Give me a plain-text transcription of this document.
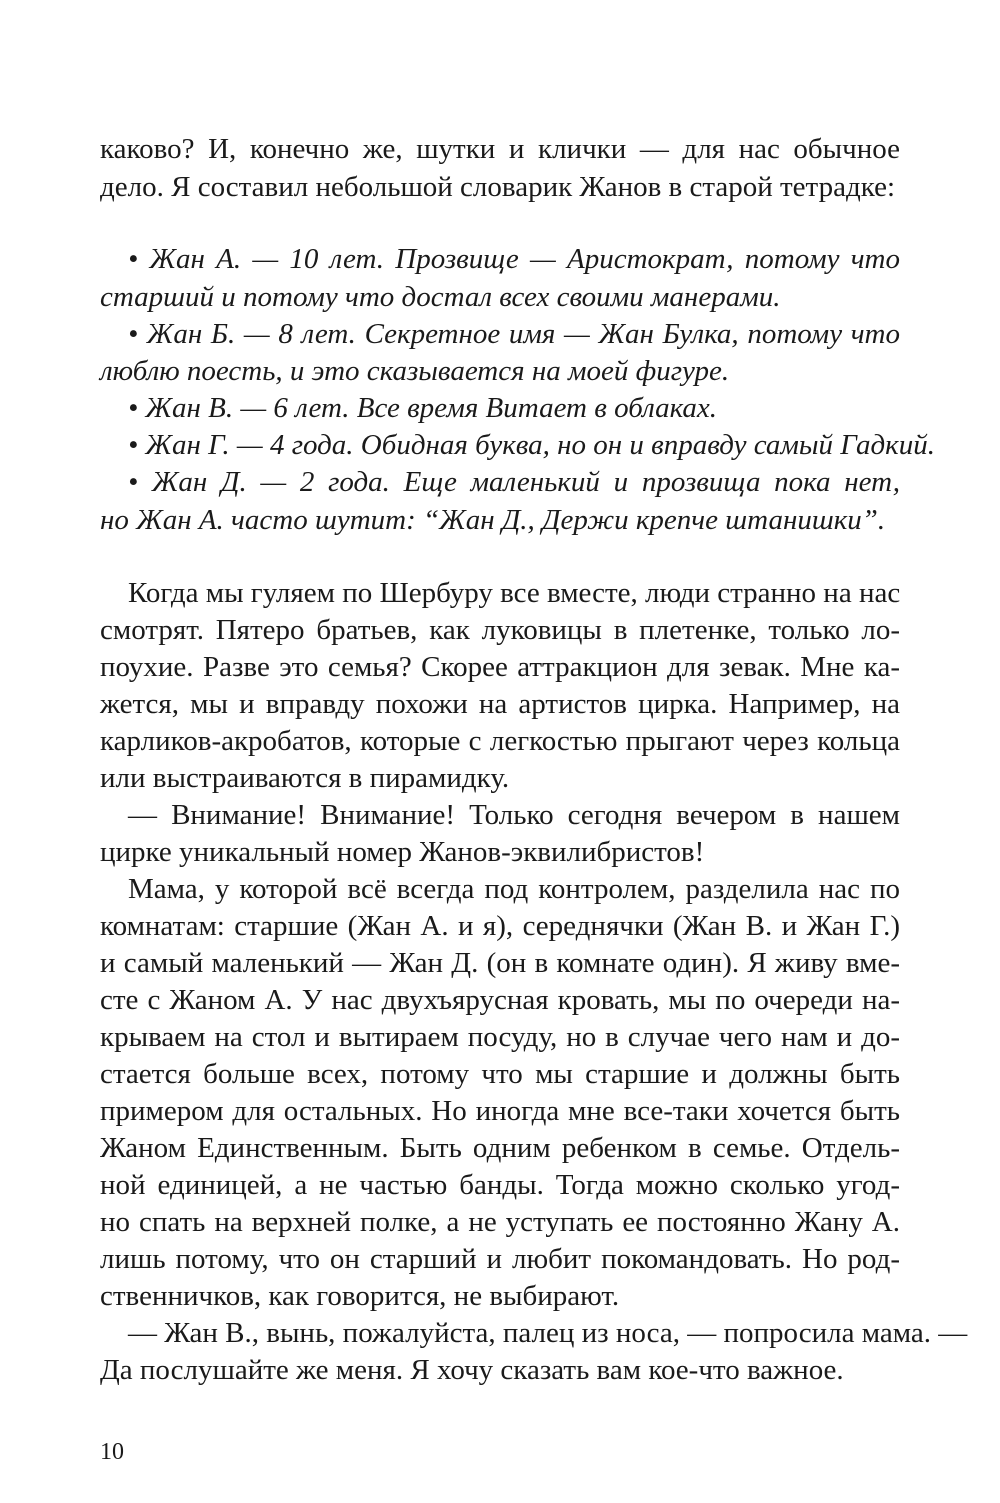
каково? И, конечно же, шутки и клички — для нас обычное
дело. Я составил небольшой словарик Жанов в старой тетрадке:
• Жан А. — 10 лет. Прозвище — Аристократ, потому что
старший и потому что достал всех своими манерами.
• Жан Б. — 8 лет. Секретное имя — Жан Булка, потому что
люблю поесть, и это сказывается на моей фигуре.
• Жан В. — 6 лет. Все время Витает в облаках.
• Жан Г. — 4 года. Обидная буква, но он и вправду самый Гадкий.
• Жан Д. — 2 года. Еще маленький и прозвища пока нет,
но Жан А. часто шутит: “Жан Д., Держи крепче штанишки”.
Когда мы гуляем по Шербуру все вместе, люди странно на нас
смотрят. Пятеро братьев, как луковицы в плетенке, только ло-
поухие. Разве это семья? Скорее аттракцион для зевак. Мне ка-
жется, мы и вправду похожи на артистов цирка. Например, на
карликов-акробатов, которые с легкостью прыгают через кольца
или выстраиваются в пирамидку.
— Внимание! Внимание! Только сегодня вечером в нашем
цирке уникальный номер Жанов-эквилибристов!
Мама, у которой всё всегда под контролем, разделила нас по
комнатам: старшие (Жан А. и я), середнячки (Жан В. и Жан Г.)
и самый маленький — Жан Д. (он в комнате один). Я живу вме-
сте с Жаном А. У нас двухъярусная кровать, мы по очереди на-
крываем на стол и вытираем посуду, но в случае чего нам и до-
стается больше всех, потому что мы старшие и должны быть
примером для остальных. Но иногда мне все-таки хочется быть
Жаном Единственным. Быть одним ребенком в семье. Отдель-
ной единицей, а не частью банды. Тогда можно сколько угод-
но спать на верхней полке, а не уступать ее постоянно Жану А.
лишь потому, что он старший и любит покомандовать. Но род-
ственничков, как говорится, не выбирают.
— Жан В., вынь, пожалуйста, палец из носа, — попросила мама. —
Да послушайте же меня. Я хочу сказать вам кое-что важное.
10
